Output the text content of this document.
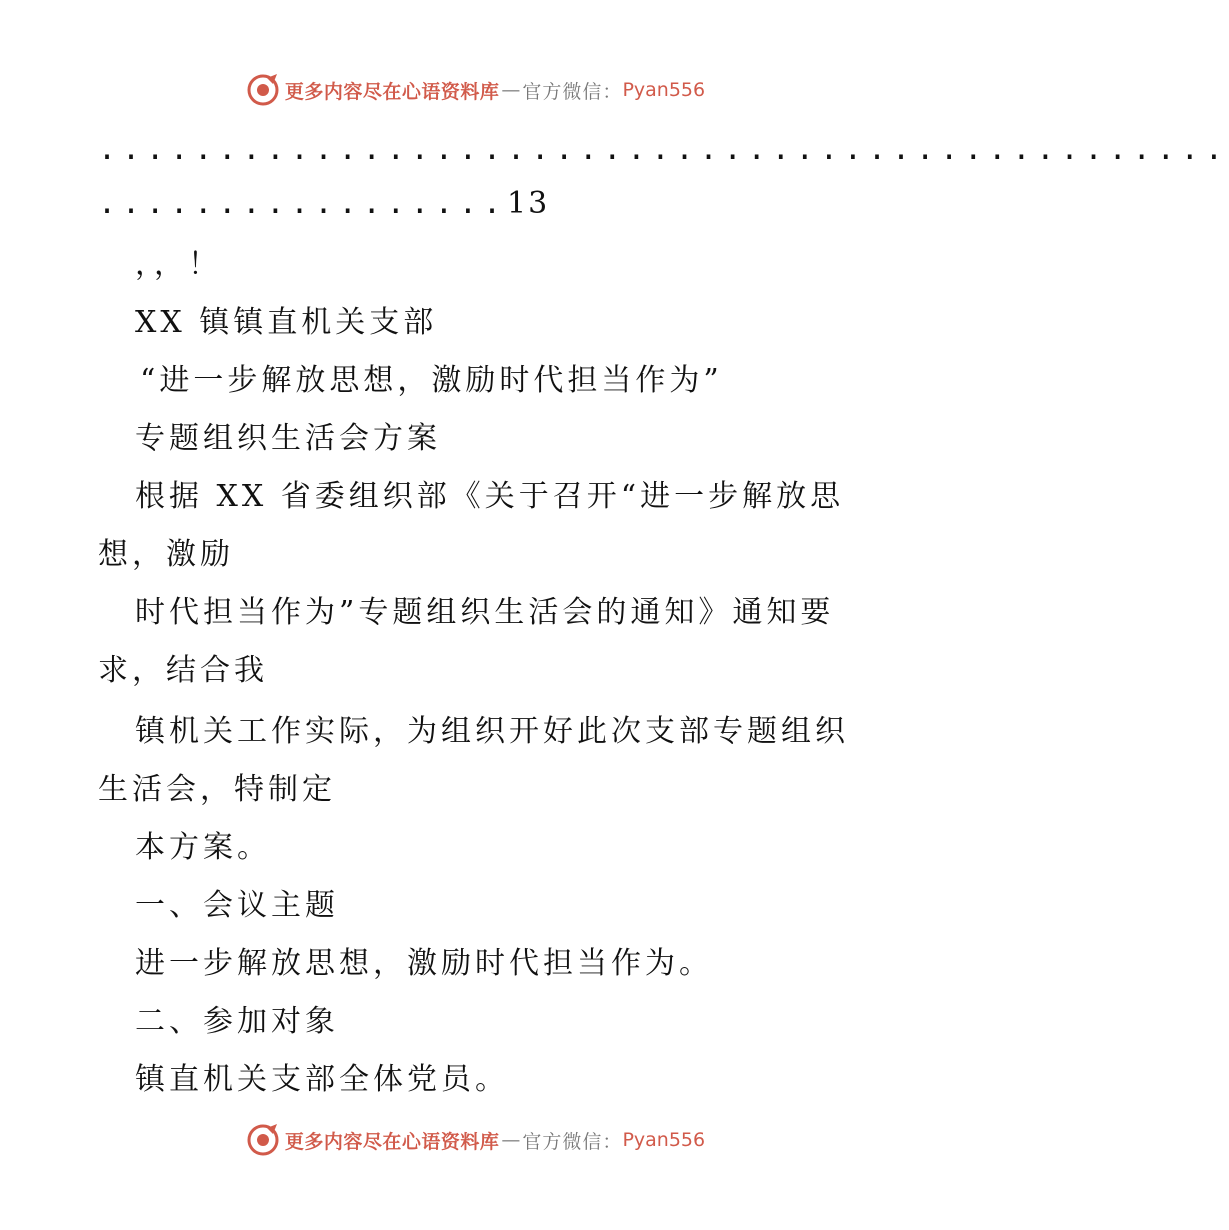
更多内容尽在心语资料库 — 官方微信： Pyan556
...............................................
.................13
，，！
XX 镇镇直机关支部
“进一步解放思想，激励时代担当作为”
专题组织生活会方案
根据 XX 省委组织部《关于召开“进一步解放思
想，激励
时代担当作为”专题组织生活会的通知》通知要
求，结合我
镇机关工作实际，为组织开好此次支部专题组织
生活会，特制定
本方案。
一、会议主题
进一步解放思想，激励时代担当作为。
二、参加对象
镇直机关支部全体党员。
更多内容尽在心语资料库 — 官方微信： Pyan556
